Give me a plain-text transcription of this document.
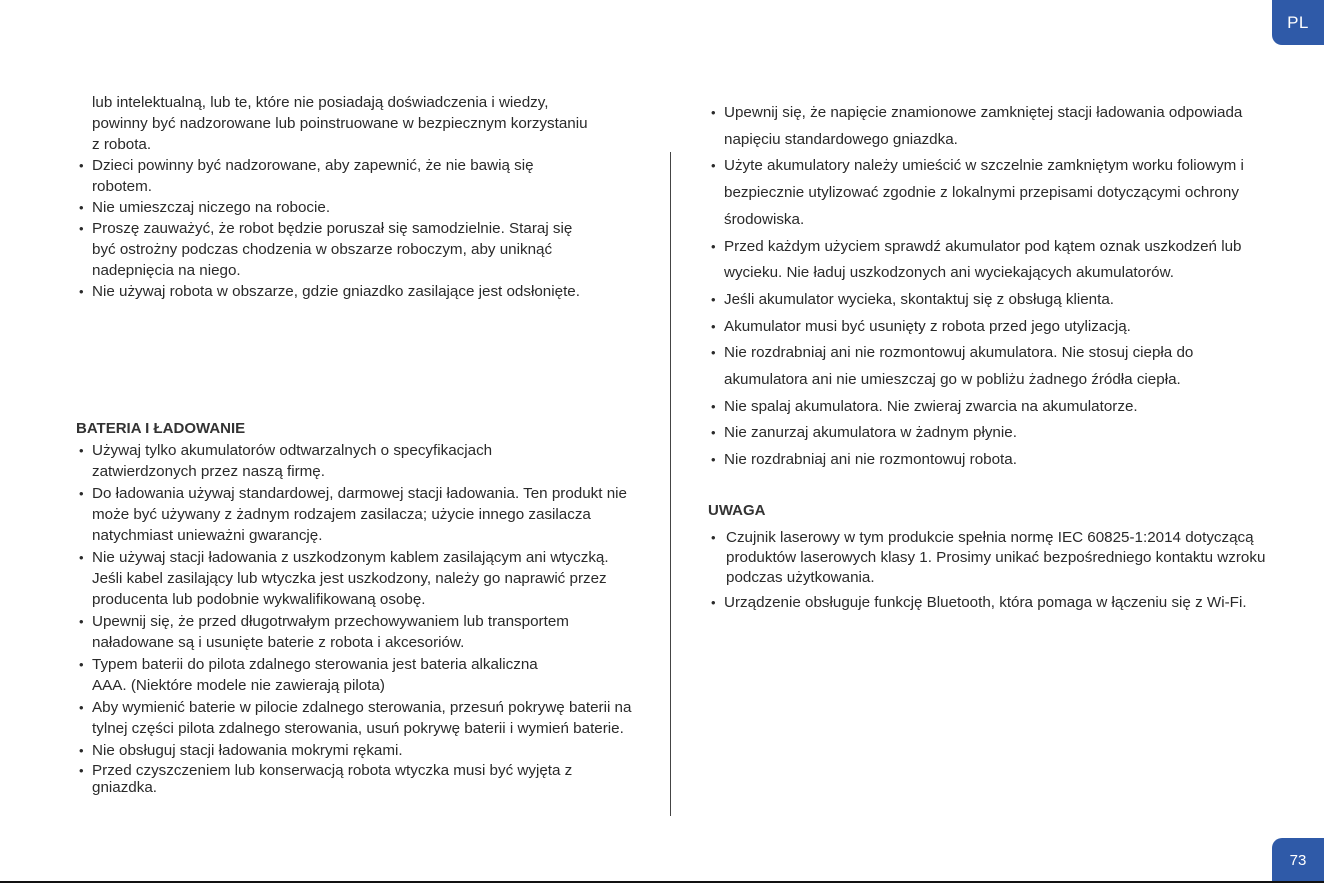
PL
lub intelektualną, lub te, które nie posiadają doświadczenia i wiedzy,
powinny być nadzorowane lub poinstruowane w bezpiecznym korzystaniu
z robota.
• Dzieci powinny być nadzorowane, aby zapewnić, że nie bawią się robotem.
• Nie umieszczaj niczego na robocie.
• Proszę zauważyć, że robot będzie poruszał się samodzielnie. Staraj się być ostrożny podczas chodzenia w obszarze roboczym, aby uniknąć nadepnięcia na niego.
• Nie używaj robota w obszarze, gdzie gniazdko zasilające jest odsłonięte.

BATERIA I ŁADOWANIE

• Używaj tylko akumulatorów odtwarzalnych o specyfikacjach zatwierdzonych przez naszą firmę.
• Do ładowania używaj standardowej, darmowej stacji ładowania. Ten produkt nie może być używany z żadnym rodzajem zasilacza; użycie innego zasilacza natychmiast unieważni gwarancję.
• Nie używaj stacji ładowania z uszkodzonym kablem zasilającym ani wtyczką. Jeśli kabel zasilający lub wtyczka jest uszkodzony, należy go naprawić przez producenta lub podobnie wykwalifikowaną osobę.
• Upewnij się, że przed długotrwałym przechowywaniem lub transportem naładowane są i usunięte baterie z robota i akcesoriów.
• Typem baterii do pilota zdalnego sterowania jest bateria alkaliczna AAA. (Niektóre modele nie zawierają pilota)
• Aby wymienić baterie w pilocie zdalnego sterowania, przesuń pokrywę baterii na tylnej części pilota zdalnego sterowania, usuń pokrywę baterii i wymień baterie.
• Nie obsługuj stacji ładowania mokrymi rękami.
• Przed czyszczeniem lub konserwacją robota wtyczka musi być wyjęta z gniazdka.
• Upewnij się, że napięcie znamionowe zamkniętej stacji ładowania odpowiada napięciu standardowego gniazdka.
• Użyte akumulatory należy umieścić w szczelnie zamkniętym worku foliowym i bezpiecznie utylizować zgodnie z lokalnymi przepisami dotyczącymi ochrony środowiska.
• Przed każdym użyciem sprawdź akumulator pod kątem oznak uszkodzeń lub wycieku. Nie ładuj uszkodzonych ani wyciekających akumulatorów.
• Jeśli akumulator wycieka, skontaktuj się z obsługą klienta.
• Akumulator musi być usunięty z robota przed jego utylizacją.
• Nie rozdrabniaj ani nie rozmontowuj akumulatora. Nie stosuj ciepła do akumulatora ani nie umieszczaj go w pobliżu żadnego źródła ciepła.
• Nie spalaj akumulatora. Nie zwieraj zwarcia na akumulatorze.
• Nie zanurzaj akumulatora w żadnym płynie.
• Nie rozdrabniaj ani nie rozmontowuj robota.

UWAGA

• Czujnik laserowy w tym produkcie spełnia normę IEC 60825-1:2014 dotyczącą produktów laserowych klasy 1. Prosimy unikać bezpośredniego kontaktu wzroku podczas użytkowania.
• Urządzenie obsługuje funkcję Bluetooth, która pomaga w łączeniu się z Wi-Fi.
73
